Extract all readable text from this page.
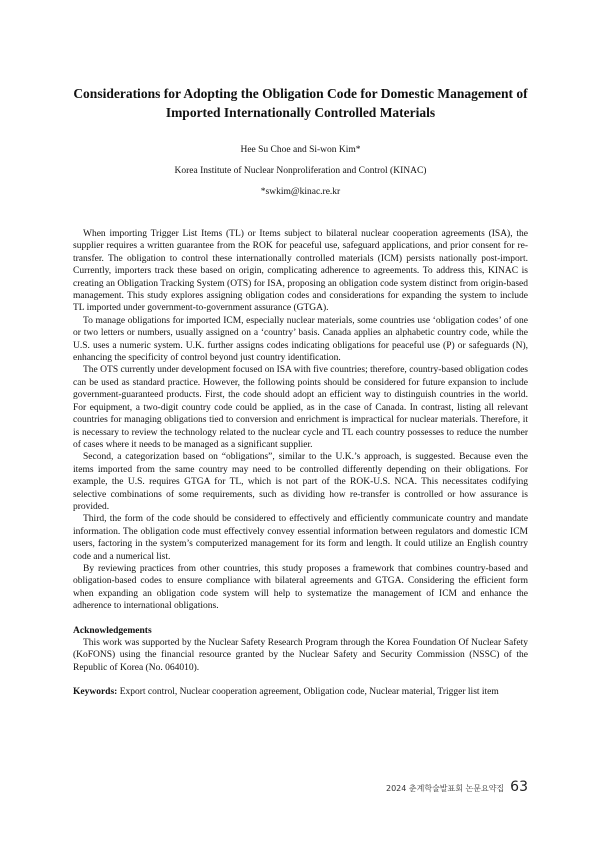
Considerations for Adopting the Obligation Code for Domestic Management of Imported Internationally Controlled Materials
Hee Su Choe and Si-won Kim*
Korea Institute of Nuclear Nonproliferation and Control (KINAC)
*swkim@kinac.re.kr

When importing Trigger List Items (TL) or Items subject to bilateral nuclear cooperation agreements (ISA), the supplier requires a written guarantee from the ROK for peaceful use, safeguard applications, and prior consent for re-transfer. The obligation to control these internationally controlled materials (ICM) persists nationally post-import. Currently, importers track these based on origin, complicating adherence to agreements. To address this, KINAC is creating an Obligation Tracking System (OTS) for ISA, proposing an obligation code system distinct from origin-based management. This study explores assigning obligation codes and considerations for expanding the system to include TL imported under government-to-government assurance (GTGA).

To manage obligations for imported ICM, especially nuclear materials, some countries use ‘obligation codes’ of one or two letters or numbers, usually assigned on a ‘country’ basis. Canada applies an alphabetic country code, while the U.S. uses a numeric system. U.K. further assigns codes indicating obligations for peaceful use (P) or safeguards (N), enhancing the specificity of control beyond just country identification.

The OTS currently under development focused on ISA with five countries; therefore, country-based obligation codes can be used as standard practice. However, the following points should be considered for future expansion to include government-guaranteed products. First, the code should adopt an efficient way to distinguish countries in the world. For equipment, a two-digit country code could be applied, as in the case of Canada. In contrast, listing all relevant countries for managing obligations tied to conversion and enrichment is impractical for nuclear materials. Therefore, it is necessary to review the technology related to the nuclear cycle and TL each country possesses to reduce the number of cases where it needs to be managed as a significant supplier.

Second, a categorization based on “obligations”, similar to the U.K.’s approach, is suggested. Because even the items imported from the same country may need to be controlled differently depending on their obligations. For example, the U.S. requires GTGA for TL, which is not part of the ROK-U.S. NCA. This necessitates codifying selective combinations of some requirements, such as dividing how re-transfer is controlled or how assurance is provided.

Third, the form of the code should be considered to effectively and efficiently communicate country and mandate information. The obligation code must effectively convey essential information between regulators and domestic ICM users, factoring in the system’s computerized management for its form and length. It could utilize an English country code and a numerical list.

By reviewing practices from other countries, this study proposes a framework that combines country-based and obligation-based codes to ensure compliance with bilateral agreements and GTGA. Considering the efficient form when expanding an obligation code system will help to systematize the management of ICM and enhance the adherence to international obligations.

Acknowledgements

This work was supported by the Nuclear Safety Research Program through the Korea Foundation Of Nuclear Safety (KoFONS) using the financial resource granted by the Nuclear Safety and Security Commission (NSSC) of the Republic of Korea (No. 064010).

Keywords: Export control, Nuclear cooperation agreement, Obligation code, Nuclear material, Trigger list item
2024 춘계학술발표회 논문요약집 63
